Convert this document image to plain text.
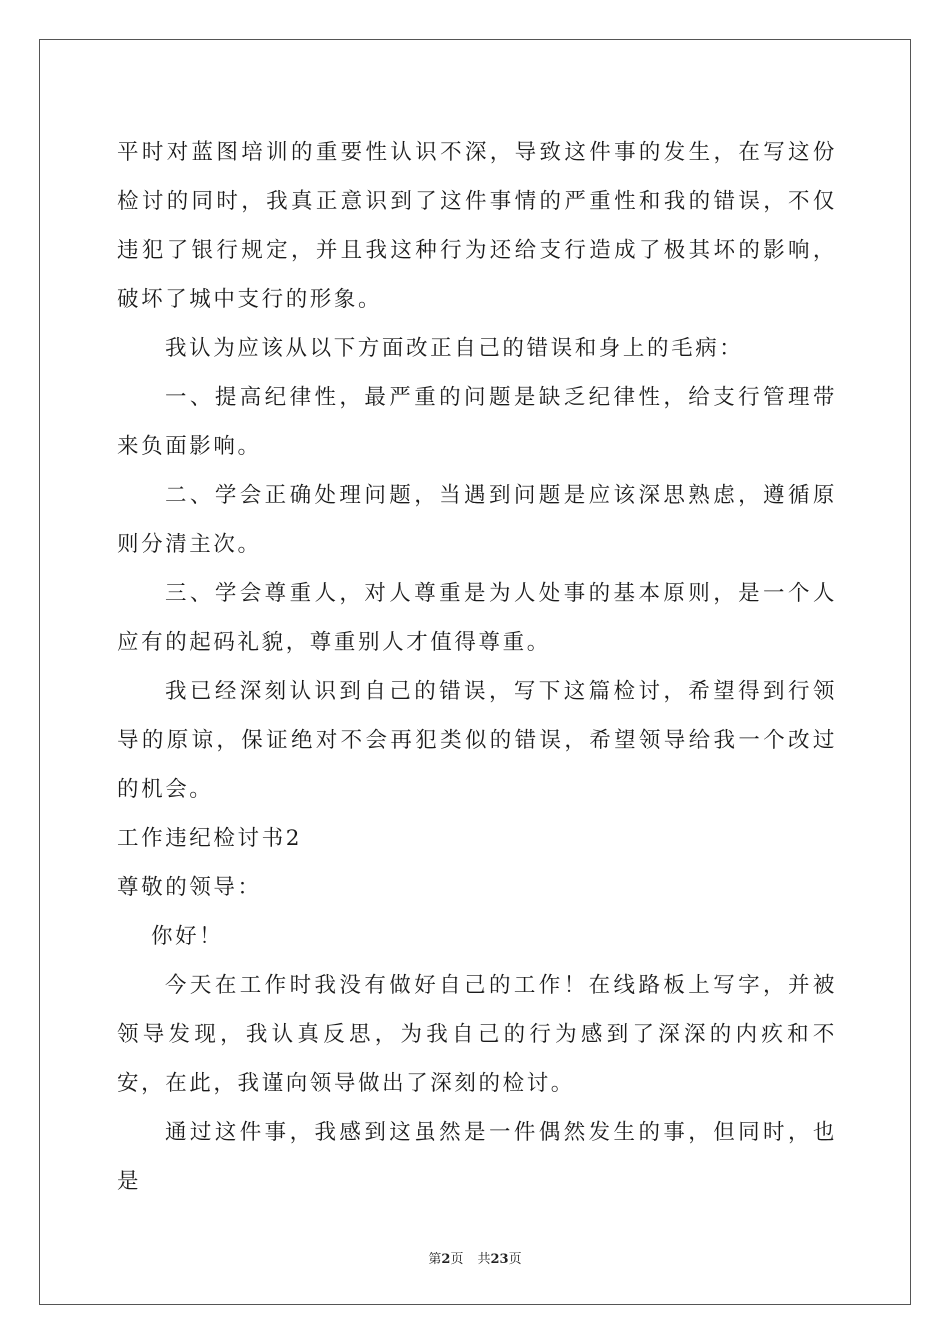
平时对蓝图培训的重要性认识不深，导致这件事的发生，在写这份检讨的同时，我真正意识到了这件事情的严重性和我的错误，不仅违犯了银行规定，并且我这种行为还给支行造成了极其坏的影响，破坏了城中支行的形象。

我认为应该从以下方面改正自己的错误和身上的毛病：

一、提高纪律性，最严重的问题是缺乏纪律性，给支行管理带来负面影响。

二、学会正确处理问题，当遇到问题是应该深思熟虑，遵循原则分清主次。

三、学会尊重人，对人尊重是为人处事的基本原则，是一个人应有的起码礼貌，尊重别人才值得尊重。

我已经深刻认识到自己的错误，写下这篇检讨，希望得到行领导的原谅，保证绝对不会再犯类似的错误，希望领导给我一个改过的机会。

工作违纪检讨书2

尊敬的领导：

你好！

今天在工作时我没有做好自己的工作！在线路板上写字，并被领导发现，我认真反思，为我自己的行为感到了深深的内疚和不安，在此，我谨向领导做出了深刻的检讨。

通过这件事，我感到这虽然是一件偶然发生的事，但同时，也是

第2页 共23页
